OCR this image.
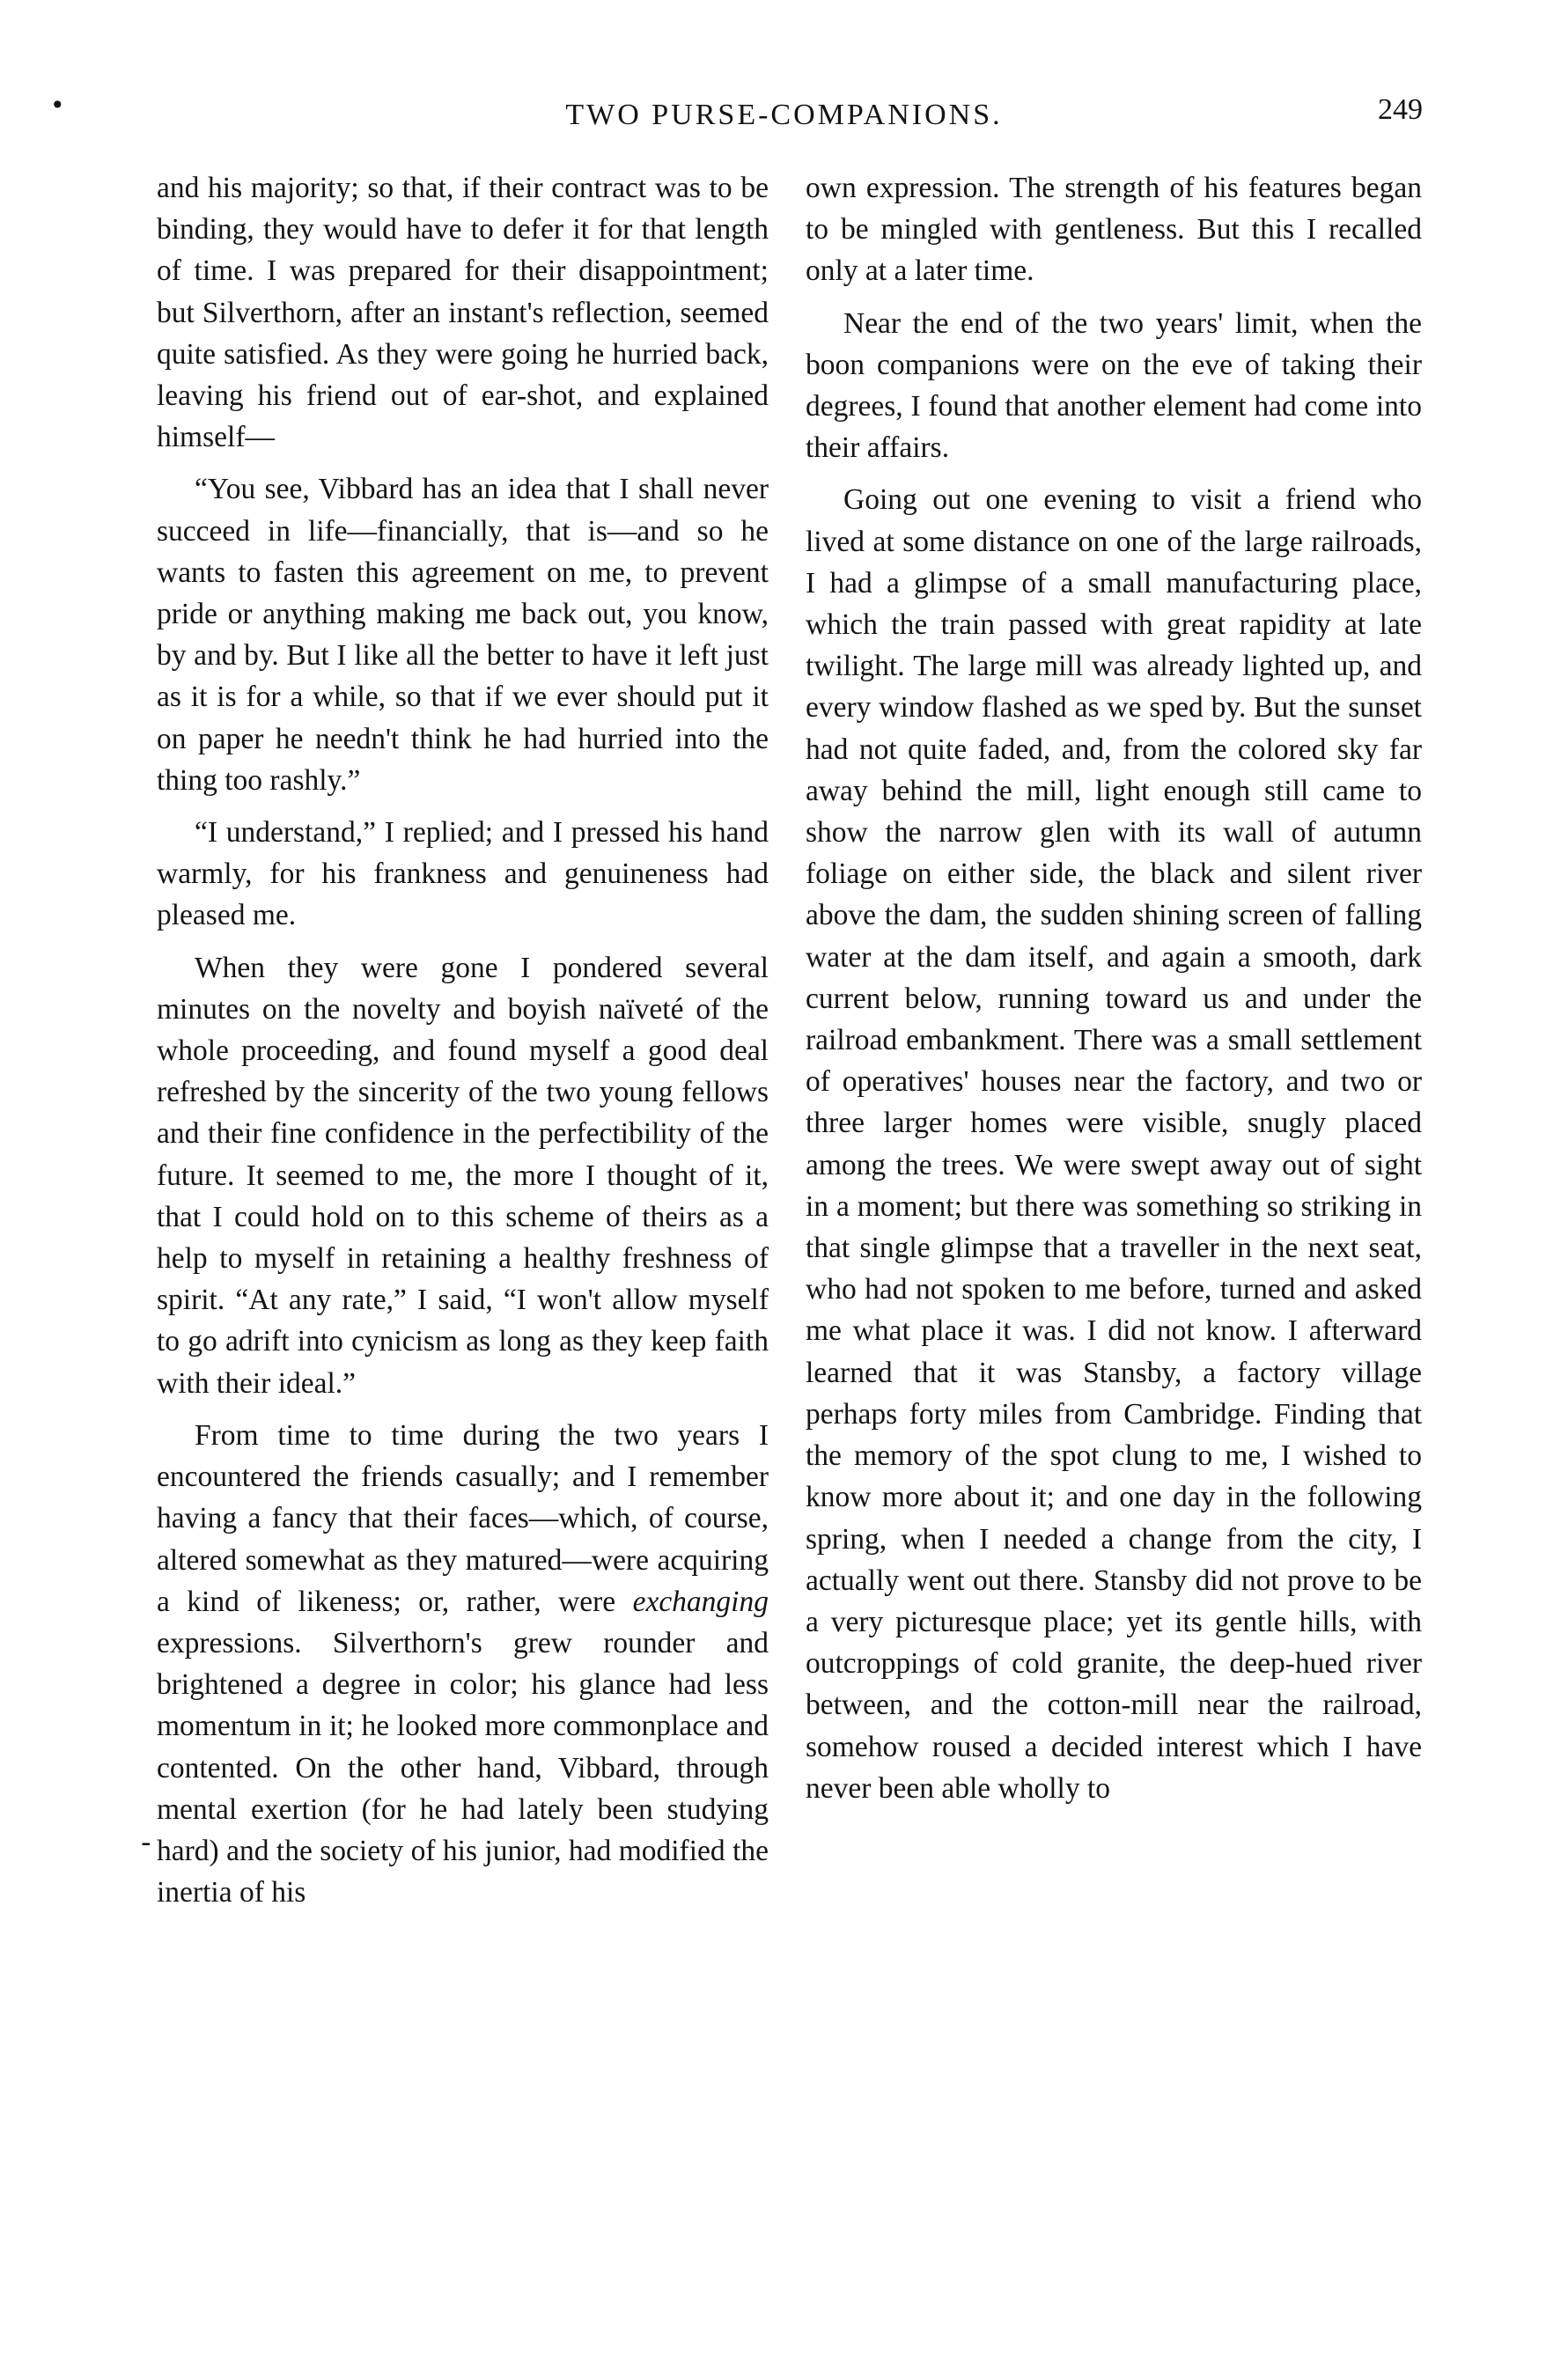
•	TWO PURSE-COMPANIONS.	249
-

and his majority; so that, if their contract was to be binding, they would have to defer it for that length of time. I was prepared for their disappointment; but Silverthorn, after an instant's reflection, seemed quite satisfied. As they were going he hurried back, leaving his friend out of ear-shot, and explained himself—

“You see, Vibbard has an idea that I shall never succeed in life—financially, that is—and so he wants to fasten this agreement on me, to prevent pride or anything making me back out, you know, by and by. But I like all the better to have it left just as it is for a while, so that if we ever should put it on paper he needn't think he had hurried into the thing too rashly.”

“I understand,” I replied; and I pressed his hand warmly, for his frankness and genuineness had pleased me.

When they were gone I pondered several minutes on the novelty and boyish naïveté of the whole proceeding, and found myself a good deal refreshed by the sincerity of the two young fellows and their fine confidence in the perfectibility of the future. It seemed to me, the more I thought of it, that I could hold on to this scheme of theirs as a help to myself in retaining a healthy freshness of spirit. “At any rate,” I said, “I won't allow myself to go adrift into cynicism as long as they keep faith with their ideal.”

From time to time during the two years I encountered the friends casually; and I remember having a fancy that their faces—which, of course, altered somewhat as they matured—were acquiring a kind of likeness; or, rather, were exchanging expressions. Silverthorn's grew rounder and brightened a degree in color; his glance had less momentum in it; he looked more commonplace and contented. On the other hand, Vibbard, through mental exertion (for he had lately been studying hard) and the society of his junior, had modified the inertia of his

own expression. The strength of his features began to be mingled with gentleness. But this I recalled only at a later time.

Near the end of the two years' limit, when the boon companions were on the eve of taking their degrees, I found that another element had come into their affairs.

Going out one evening to visit a friend who lived at some distance on one of the large railroads, I had a glimpse of a small manufacturing place, which the train passed with great rapidity at late twilight. The large mill was already lighted up, and every window flashed as we sped by. But the sunset had not quite faded, and, from the colored sky far away behind the mill, light enough still came to show the narrow glen with its wall of autumn foliage on either side, the black and silent river above the dam, the sudden shining screen of falling water at the dam itself, and again a smooth, dark current below, running toward us and under the railroad embankment. There was a small settlement of operatives' houses near the factory, and two or three larger homes were visible, snugly placed among the trees. We were swept away out of sight in a moment; but there was something so striking in that single glimpse that a traveller in the next seat, who had not spoken to me before, turned and asked me what place it was. I did not know. I afterward learned that it was Stansby, a factory village perhaps forty miles from Cambridge. Finding that the memory of the spot clung to me, I wished to know more about it; and one day in the following spring, when I needed a change from the city, I actually went out there. Stansby did not prove to be a very picturesque place; yet its gentle hills, with outcroppings of cold granite, the deep-hued river between, and the cotton-mill near the railroad, somehow roused a decided interest which I have never been able wholly to
